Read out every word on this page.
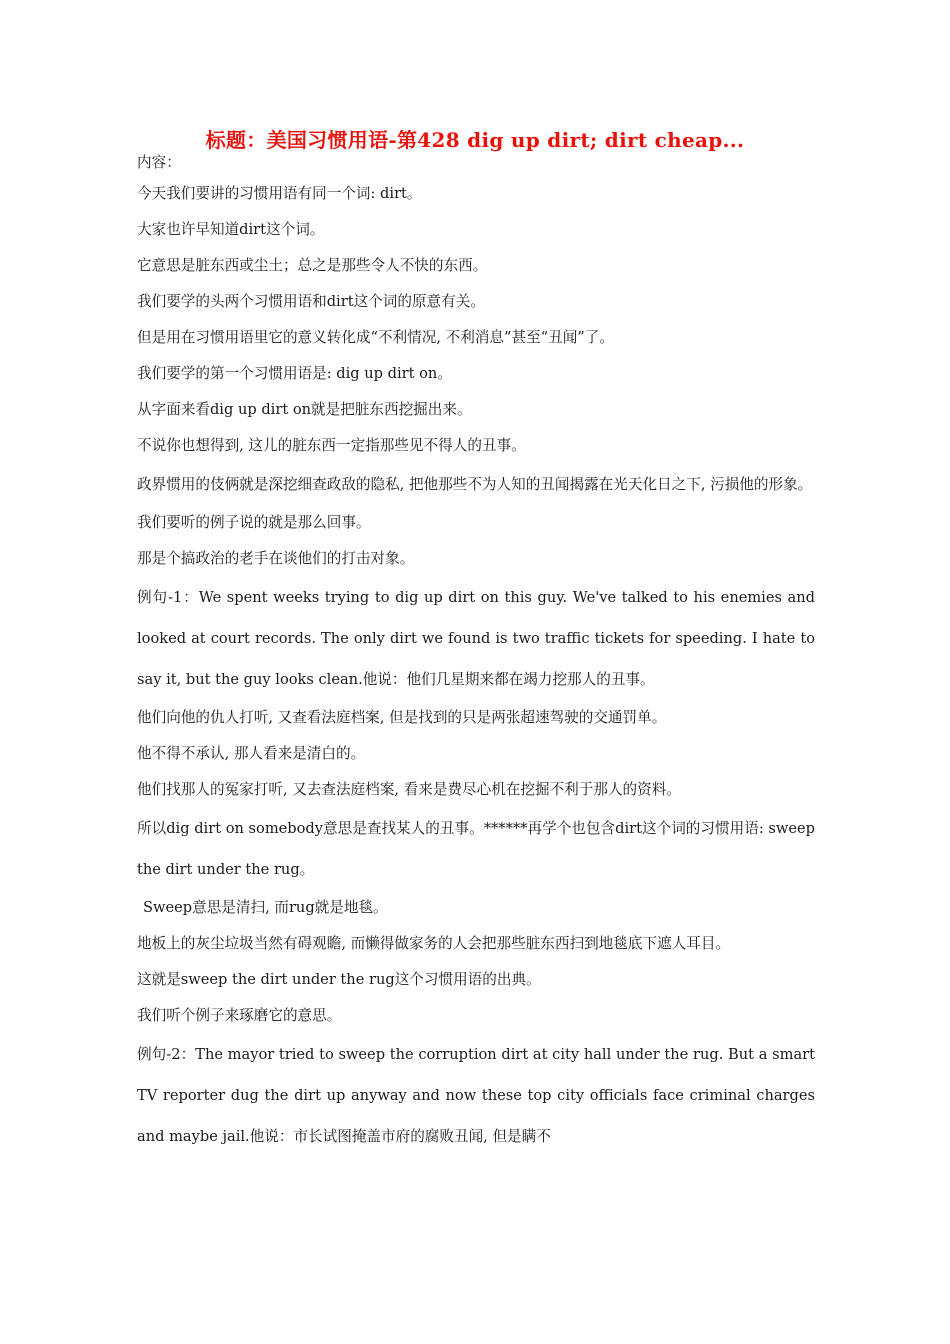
标题：美国习惯用语-第428 dig up dirt; dirt cheap...

内容：

今天我们要讲的习惯用语有同一个词: dirt。

大家也许早知道dirt这个词。

它意思是脏东西或尘土；总之是那些令人不快的东西。

我们要学的头两个习惯用语和dirt这个词的原意有关。

但是用在习惯用语里它的意义转化成“不利情况, 不利消息”甚至“丑闻”了。

我们要学的第一个习惯用语是: dig up dirt on。

从字面来看dig up dirt on就是把脏东西挖掘出来。

不说你也想得到, 这儿的脏东西一定指那些见不得人的丑事。

政界惯用的伎俩就是深挖细查政敌的隐私, 把他那些不为人知的丑闻揭露在光天化日之下, 污损他的形象。

我们要听的例子说的就是那么回事。

那是个搞政治的老手在谈他们的打击对象。

例句-1：We spent weeks trying to dig up dirt on this guy. We've talked to his enemies and looked at court records. The only dirt we found is two traffic tickets for speeding. I hate to say it, but the guy looks clean.他说：他们几星期来都在竭力挖那人的丑事。

他们向他的仇人打听, 又查看法庭档案, 但是找到的只是两张超速驾驶的交通罚单。

他不得不承认, 那人看来是清白的。

他们找那人的冤家打听, 又去查法庭档案, 看来是费尽心机在挖掘不利于那人的资料。

所以dig dirt on somebody意思是查找某人的丑事。******再学个也包含dirt这个词的习惯用语: sweep the dirt under the rug。

Sweep意思是清扫, 而rug就是地毯。

地板上的灰尘垃圾当然有碍观瞻, 而懒得做家务的人会把那些脏东西扫到地毯底下遮人耳目。

这就是sweep the dirt under the rug这个习惯用语的出典。

我们听个例子来琢磨它的意思。

例句-2：The mayor tried to sweep the corruption dirt at city hall under the rug. But a smart TV reporter dug the dirt up anyway and now these top city officials face criminal charges and maybe jail.他说：市长试图掩盖市府的腐败丑闻, 但是瞒不
